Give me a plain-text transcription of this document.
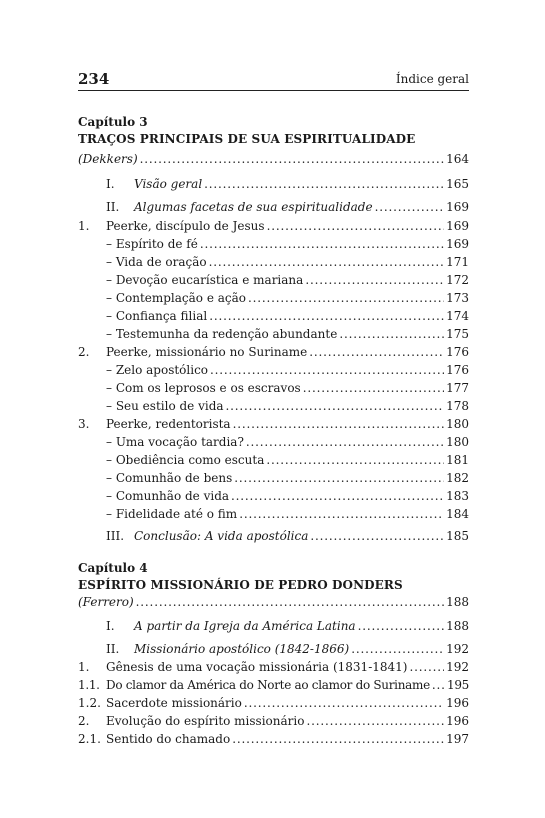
234	Índice geral
Capítulo 3
TRAÇOS PRINCIPAIS DE SUA ESPIRITUALIDADE
(Dekkers) . . .	164
I.	Visão geral . . .	165
II.	Algumas facetas de sua espiritualidade . . .	169
1.	Peerke, discípulo de Jesus . . .	169
– Espírito de fé . . .	169
– Vida de oração . . .	171
– Devoção eucarística e mariana . . .	172
– Contemplação e ação . . .	173
– Confiança filial . . .	174
– Testemunha da redenção abundante . . .	175
2.	Peerke, missionário no Suriname . . .	176
– Zelo apostólico . . .	176
– Com os leprosos e os escravos . . .	177
– Seu estilo de vida . . .	178
3.	Peerke, redentorista . . .	180
– Uma vocação tardia? . . .	180
– Obediência como escuta . . .	181
– Comunhão de bens . . .	182
– Comunhão de vida . . .	183
– Fidelidade até o fim . . .	184
III. Conclusão: A vida apostólica . . .	185
Capítulo 4
ESPÍRITO MISSIONÁRIO DE PEDRO DONDERS
(Ferrero) . . .	188
I.	A partir da Igreja da América Latina . . .	188
II.	Missionário apostólico (1842-1866) . . .	192
1.	Gênesis de uma vocação missionária (1831-1841) . . .	192
1.1. Do clamor da América do Norte ao clamor do Suriname . . . 195
1.2. Sacerdote missionário . . .	196
2.	Evolução do espírito missionário . . .	196
2.1. Sentido do chamado . . .	197
